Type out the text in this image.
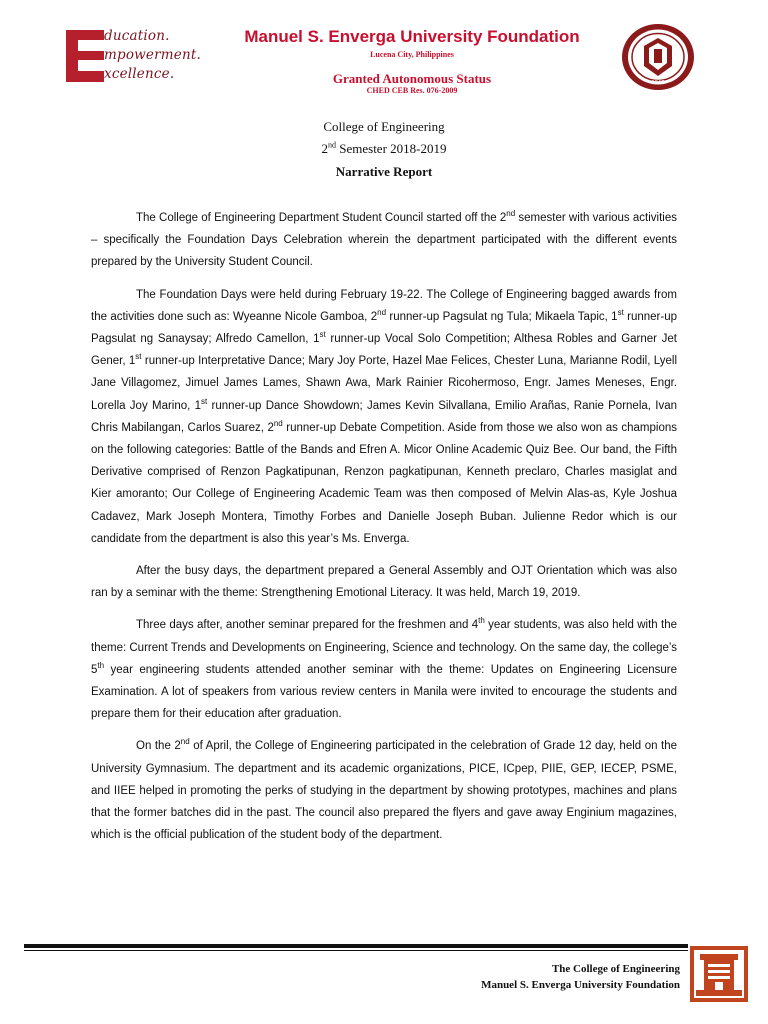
ducation.
mpowerment.
xcellence.
Manuel S. Enverga University Foundation
Lucena City, Philippines
Granted Autonomous Status
CHED CEB Res. 076-2009
1947
College of Engineering
2nd Semester 2018-2019
Narrative Report

The College of Engineering Department Student Council started off the 2nd semester with various activities – specifically the Foundation Days Celebration wherein the department participated with the different events prepared by the University Student Council.

The Foundation Days were held during February 19-22. The College of Engineering bagged awards from the activities done such as: Wyeanne Nicole Gamboa, 2nd runner-up Pagsulat ng Tula; Mikaela Tapic, 1st runner-up Pagsulat ng Sanaysay; Alfredo Camellon, 1st runner-up Vocal Solo Competition; Althesa Robles and Garner Jet Gener, 1st runner-up Interpretative Dance; Mary Joy Porte, Hazel Mae Felices, Chester Luna, Marianne Rodil, Lyell Jane Villagomez, Jimuel James Lames, Shawn Awa, Mark Rainier Ricohermoso, Engr. James Meneses, Engr. Lorella Joy Marino, 1st runner-up Dance Showdown; James Kevin Silvallana, Emilio Arañas, Ranie Pornela, Ivan Chris Mabilangan, Carlos Suarez, 2nd runner-up Debate Competition. Aside from those we also won as champions on the following categories: Battle of the Bands and Efren A. Micor Online Academic Quiz Bee. Our band, the Fifth Derivative comprised of Renzon Pagkatipunan, Renzon pagkatipunan, Kenneth preclaro, Charles masiglat and Kier amoranto; Our College of Engineering Academic Team was then composed of Melvin Alas-as, Kyle Joshua Cadavez, Mark Joseph Montera, Timothy Forbes and Danielle Joseph Buban. Julienne Redor which is our candidate from the department is also this year’s Ms. Enverga.

After the busy days, the department prepared a General Assembly and OJT Orientation which was also ran by a seminar with the theme: Strengthening Emotional Literacy. It was held, March 19, 2019.

Three days after, another seminar prepared for the freshmen and 4th year students, was also held with the theme: Current Trends and Developments on Engineering, Science and technology. On the same day, the college’s 5th year engineering students attended another seminar with the theme: Updates on Engineering Licensure Examination. A lot of speakers from various review centers in Manila were invited to encourage the students and prepare them for their education after graduation.

On the 2nd of April, the College of Engineering participated in the celebration of Grade 12 day, held on the University Gymnasium. The department and its academic organizations, PICE, ICpep, PIIE, GEP, IECEP, PSME, and IIEE helped in promoting the perks of studying in the department by showing prototypes, machines and plans that the former batches did in the past. The council also prepared the flyers and gave away Enginium magazines, which is the official publication of the student body of the department.

The College of Engineering
Manuel S. Enverga University Foundation
